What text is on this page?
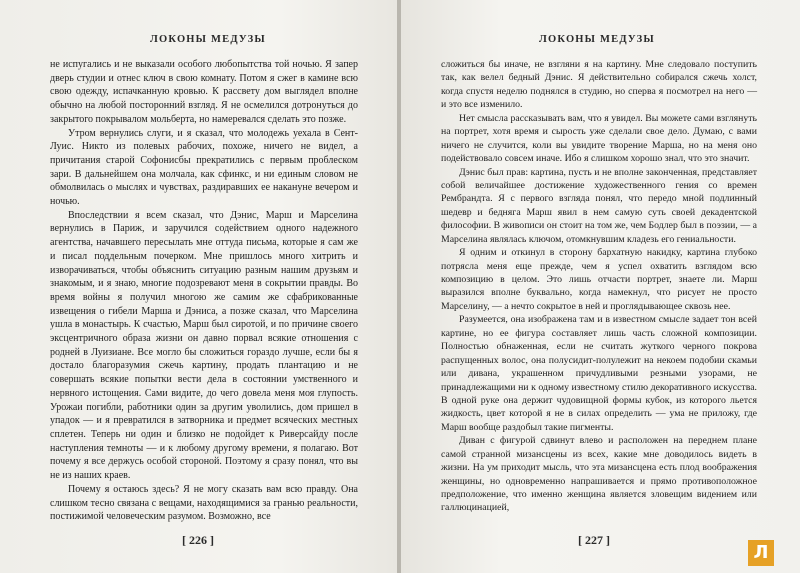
ЛОКОНЫ МЕДУЗЫ

не испугались и не выказали особого любопытства той ночью. Я запер дверь студии и отнес ключ в свою комнату. Потом я сжег в камине всю свою одежду, испачканную кровью. К рассвету дом выглядел вполне обычно на любой посторонний взгляд. Я не осмелился дотронуться до закрытого покрывалом мольберта, но намеревался сделать это позже.

Утром вернулись слуги, и я сказал, что молодежь уехала в Сент-Луис. Никто из полевых рабочих, похоже, ничего не видел, а причитания старой Софонисбы прекратились с первым проблеском зари. В дальнейшем она молчала, как сфинкс, и ни единым словом не обмолвилась о мыслях и чувствах, раздиравших ее накануне вечером и ночью.

Впоследствии я всем сказал, что Дэнис, Марш и Марселина вернулись в Париж, и заручился содействием одного надежного агентства, начавшего пересылать мне оттуда письма, которые я сам же и писал поддельным почерком. Мне пришлось много хитрить и изворачиваться, чтобы объяснить ситуацию разным нашим друзьям и знакомым, и я знаю, многие подозревают меня в сокрытии правды. Во время войны я получил многою же самим же сфабрикованные извещения о гибели Марша и Дэниса, а позже сказал, что Марселина ушла в монастырь. К счастью, Марш был сиротой, и по причине своего эксцентричного образа жизни он давно порвал всякие отношения с родней в Луизиане. Все могло бы сложиться гораздо лучше, если бы я достало благоразумия сжечь картину, продать плантацию и не совершать всякие попытки вести дела в состоянии умственного и нервного истощения. Сами видите, до чего довела меня моя глупость. Урожаи погибли, работники один за другим уволились, дом пришел в упадок — и я превратился в затворника и предмет всяческих местных сплетен. Теперь ни один и близко не подойдет к Риверсайду после наступления темноты — и к любому другому времени, я полагаю. Вот почему я все держусь особой стороной. Поэтому я сразу понял, что вы не из наших краев.

Почему я остаюсь здесь? Я не могу сказать вам всю правду. Она слишком тесно связана с вещами, находящимися за гранью реальности, постижимой человеческим разумом. Возможно, все

[ 226 ]
ЛОКОНЫ МЕДУЗЫ

сложиться бы иначе, не взгляни я на картину. Мне следовало поступить так, как велел бедный Дэнис. Я действительно собирался сжечь холст, когда спустя неделю поднялся в студию, но сперва я посмотрел на него — и это все изменило.

Нет смысла рассказывать вам, что я увидел. Вы можете сами взглянуть на портрет, хотя время и сырость уже сделали свое дело. Думаю, с вами ничего не случится, коли вы увидите творение Марша, но на меня оно подействовало совсем иначе. Ибо я слишком хорошо знал, что это значит.

Дэнис был прав: картина, пусть и не вполне законченная, представляет собой величайшее достижение художественного гения со времен Рембрандта. Я с первого взгляда понял, что передо мной подлинный шедевр и бедняга Марш явил в нем самую суть своей декадентской философии. В живописи он стоит на том же, чем Бодлер был в поэзии, — а Марселина являлась ключом, отомкнувшим кладезь его гениальности.

Я одним и откинул в сторону бархатную накидку, картина глубоко потрясла меня еще прежде, чем я успел охватить взглядом всю композицию в целом. Это лишь отчасти портрет, знаете ли. Марш выразился вполне буквально, когда намекнул, что рисует не просто Марселину, — а нечто сокрытое в ней и проглядывающее сквозь нее.

Разумеется, она изображена там и в известном смысле задает тон всей картине, но ее фигура составляет лишь часть сложной композиции. Полностью обнаженная, если не считать жуткого черного покрова распущенных волос, она полусидит-полулежит на некоем подобии скамьи или дивана, украшенном причудливыми резными узорами, не принадлежащими ни к одному известному стилю декоративного искусства. В одной руке она держит чудовищной формы кубок, из которого льется жидкость, цвет которой я не в силах определить — ума не приложу, где Марш вообще раздобыл такие пигменты.

Диван с фигурой сдвинут влево и расположен на переднем плане самой странной мизансцены из всех, какие мне доводилось видеть в жизни. На ум приходит мысль, что эта мизансцена есть плод воображения женщины, но одновременно напрашивается и прямо противоположное предположение, что именно женщина является зловещим видением или галлюцинацией,

[ 227 ]
Л
